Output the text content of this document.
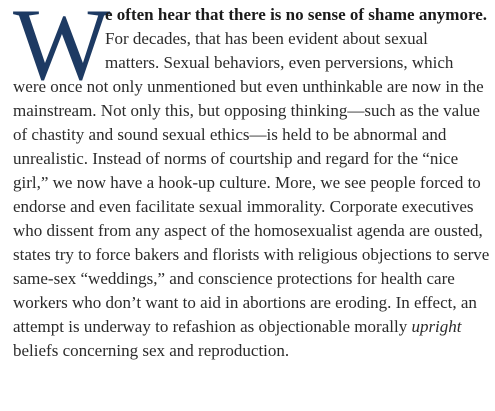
W
e often hear that there is no sense of shame anymore.
For decades, that has been evident about sexual
matters. Sexual behaviors, even perversions, which
were once not only unmentioned but even unthinkable are now in the
mainstream. Not only this, but opposing thinking—such as the value
of chastity and sound sexual ethics—is held to be abnormal and
unrealistic. Instead of norms of courtship and regard for the “nice
girl,” we now have a hook-up culture. More, we see people forced to
endorse and even facilitate sexual immorality. Corporate executives
who dissent from any aspect of the homosexualist agenda are ousted,
states try to force bakers and florists with religious objections to serve
same-sex “weddings,” and conscience protections for health care
workers who don’t want to aid in abortions are eroding. In effect, an
attempt is underway to refashion as objectionable morally upright
beliefs concerning sex and reproduction.
